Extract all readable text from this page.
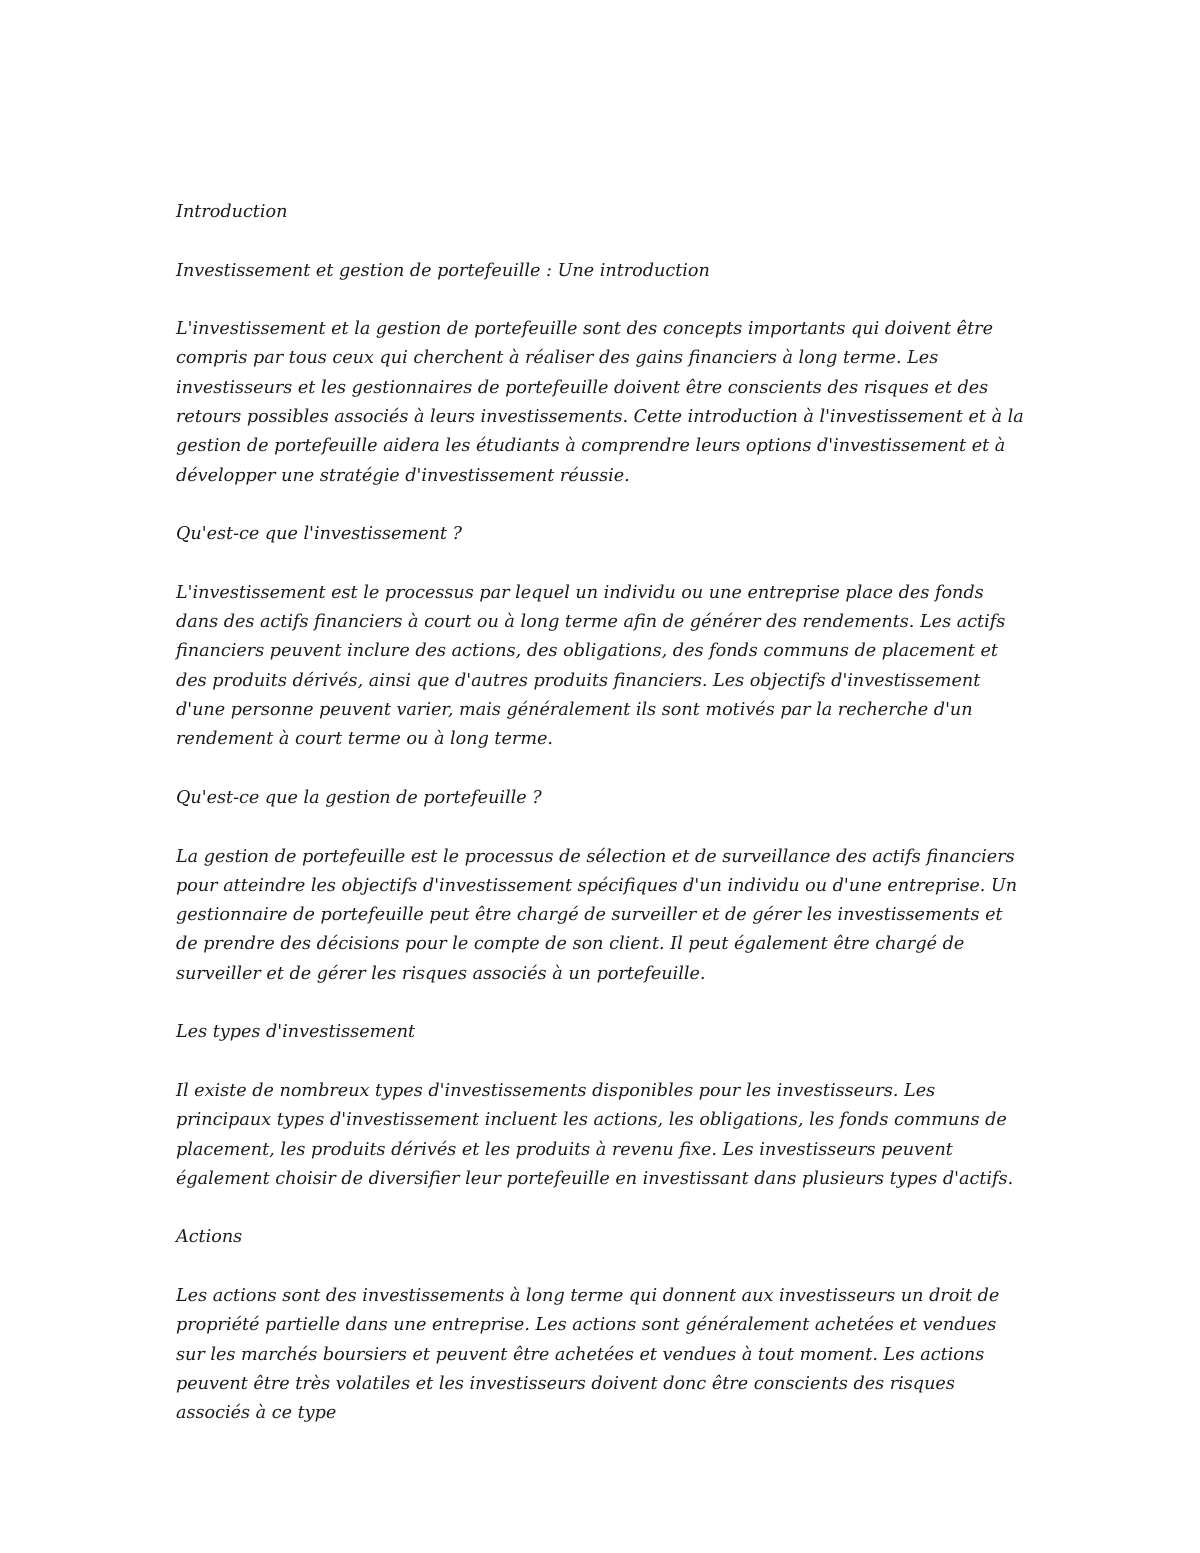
Introduction

Investissement et gestion de portefeuille : Une introduction

L'investissement et la gestion de portefeuille sont des concepts importants qui doivent être compris par tous ceux qui cherchent à réaliser des gains financiers à long terme. Les investisseurs et les gestionnaires de portefeuille doivent être conscients des risques et des retours possibles associés à leurs investissements. Cette introduction à l'investissement et à la gestion de portefeuille aidera les étudiants à comprendre leurs options d'investissement et à développer une stratégie d'investissement réussie.

Qu'est-ce que l'investissement ?

L'investissement est le processus par lequel un individu ou une entreprise place des fonds dans des actifs financiers à court ou à long terme afin de générer des rendements. Les actifs financiers peuvent inclure des actions, des obligations, des fonds communs de placement et des produits dérivés, ainsi que d'autres produits financiers. Les objectifs d'investissement d'une personne peuvent varier, mais généralement ils sont motivés par la recherche d'un rendement à court terme ou à long terme.

Qu'est-ce que la gestion de portefeuille ?

La gestion de portefeuille est le processus de sélection et de surveillance des actifs financiers pour atteindre les objectifs d'investissement spécifiques d'un individu ou d'une entreprise. Un gestionnaire de portefeuille peut être chargé de surveiller et de gérer les investissements et de prendre des décisions pour le compte de son client. Il peut également être chargé de surveiller et de gérer les risques associés à un portefeuille.

Les types d'investissement

Il existe de nombreux types d'investissements disponibles pour les investisseurs. Les principaux types d'investissement incluent les actions, les obligations, les fonds communs de placement, les produits dérivés et les produits à revenu fixe. Les investisseurs peuvent également choisir de diversifier leur portefeuille en investissant dans plusieurs types d'actifs.

Actions

Les actions sont des investissements à long terme qui donnent aux investisseurs un droit de propriété partielle dans une entreprise. Les actions sont généralement achetées et vendues sur les marchés boursiers et peuvent être achetées et vendues à tout moment. Les actions peuvent être très volatiles et les investisseurs doivent donc être conscients des risques associés à ce type
